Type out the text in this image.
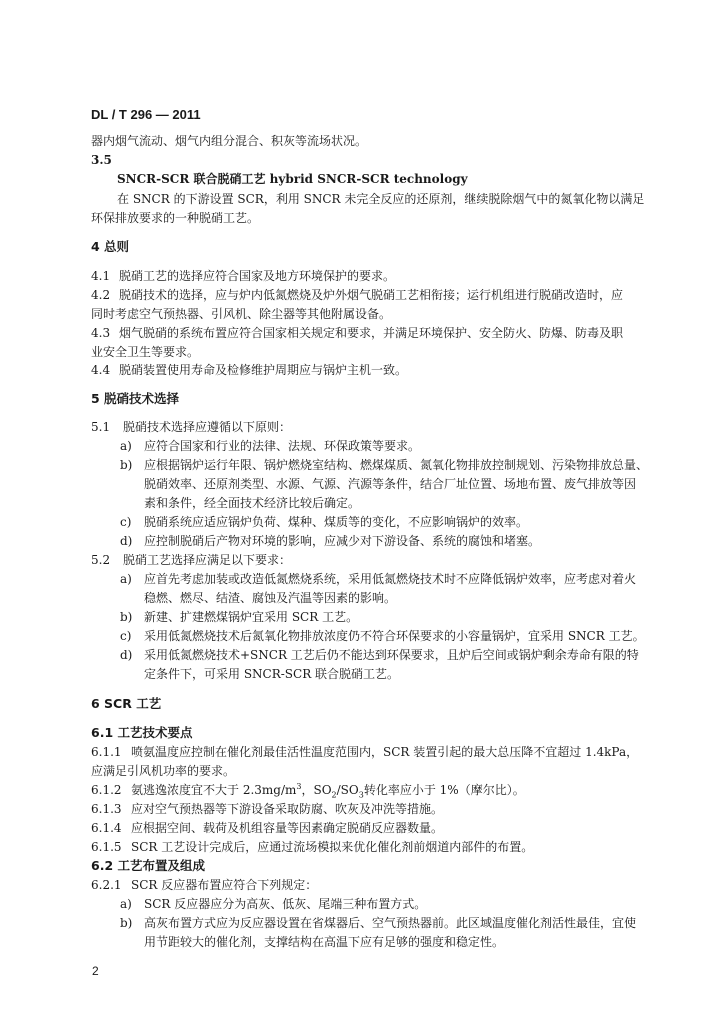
DL / T 296 — 2011
器内烟气流动、烟气内组分混合、积灰等流场状况。
3.5
SNCR-SCR 联合脱硝工艺 hybrid SNCR-SCR technology
在 SNCR 的下游设置 SCR，利用 SNCR 未完全反应的还原剂，继续脱除烟气中的氮氧化物以满足
环保排放要求的一种脱硝工艺。
4 总则
4.1 脱硝工艺的选择应符合国家及地方环境保护的要求。
4.2 脱硝技术的选择，应与炉内低氮燃烧及炉外烟气脱硝工艺相衔接；运行机组进行脱硝改造时，应
同时考虑空气预热器、引风机、除尘器等其他附属设备。
4.3 烟气脱硝的系统布置应符合国家相关规定和要求，并满足环境保护、安全防火、防爆、防毒及职
业安全卫生等要求。
4.4 脱硝装置使用寿命及检修维护周期应与锅炉主机一致。
5 脱硝技术选择
5.1 脱硝技术选择应遵循以下原则：
a) 应符合国家和行业的法律、法规、环保政策等要求。
b) 应根据锅炉运行年限、锅炉燃烧室结构、燃煤煤质、氮氧化物排放控制规划、污染物排放总量、
脱硝效率、还原剂类型、水源、气源、汽源等条件，结合厂址位置、场地布置、废气排放等因
素和条件，经全面技术经济比较后确定。
c) 脱硝系统应适应锅炉负荷、煤种、煤质等的变化，不应影响锅炉的效率。
d) 应控制脱硝后产物对环境的影响，应减少对下游设备、系统的腐蚀和堵塞。
5.2 脱硝工艺选择应满足以下要求：
a) 应首先考虑加装或改造低氮燃烧系统，采用低氮燃烧技术时不应降低锅炉效率，应考虑对着火
稳燃、燃尽、结渣、腐蚀及汽温等因素的影响。
b) 新建、扩建燃煤锅炉宜采用 SCR 工艺。
c) 采用低氮燃烧技术后氮氧化物排放浓度仍不符合环保要求的小容量锅炉，宜采用 SNCR 工艺。
d) 采用低氮燃烧技术+SNCR 工艺后仍不能达到环保要求，且炉后空间或锅炉剩余寿命有限的特
定条件下，可采用 SNCR-SCR 联合脱硝工艺。
6 SCR 工艺
6.1 工艺技术要点
6.1.1 喷氨温度应控制在催化剂最佳活性温度范围内，SCR 装置引起的最大总压降不宜超过 1.4kPa，
应满足引风机功率的要求。
6.1.2 氨逃逸浓度宜不大于 $2.3mg/m^3$，$SO_2/SO_3$转化率应小于 1%（摩尔比）。
6.1.3 应对空气预热器等下游设备采取防腐、吹灰及冲洗等措施。
6.1.4 应根据空间、载荷及机组容量等因素确定脱硝反应器数量。
6.1.5 SCR 工艺设计完成后，应通过流场模拟来优化催化剂前烟道内部件的布置。
6.2 工艺布置及组成
6.2.1 SCR 反应器布置应符合下列规定：
a) SCR 反应器应分为高灰、低灰、尾端三种布置方式。
b) 高灰布置方式应为反应器设置在省煤器后、空气预热器前。此区域温度催化剂活性最佳，宜使
用节距较大的催化剂，支撑结构在高温下应有足够的强度和稳定性。
2
